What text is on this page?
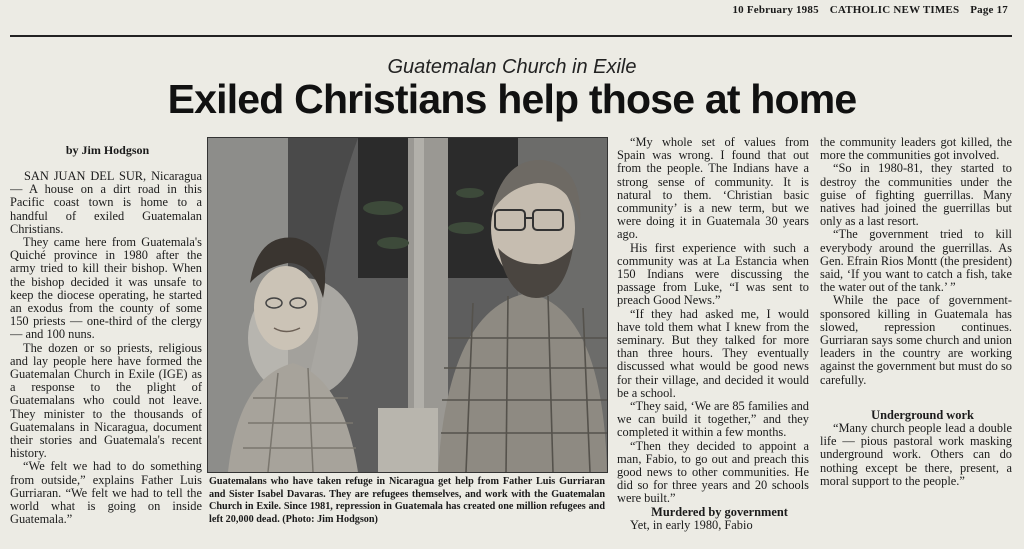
10 February 1985 CATHOLIC NEW TIMES Page 17
Guatemalan Church in Exile
Exiled Christians help those at home
by Jim Hodgson

SAN JUAN DEL SUR, Nicaragua — A house on a dirt road in this Pacific coast town is home to a handful of exiled Guatemalan Christians.

They came here from Guatemala's Quiché province in 1980 after the army tried to kill their bishop. When the bishop decided it was unsafe to keep the diocese operating, he started an exodus from the county of some 150 priests — one-third of the clergy — and 100 nuns.

The dozen or so priests, religious and lay people here have formed the Guatemalan Church in Exile (IGE) as a response to the plight of Guatemalans who could not leave. They minister to the thousands of Guatemalans in Nicaragua, document their stories and Guatemala's recent history.

“We felt we had to do something from outside,” explains Father Luis Gurriaran. “We felt we had to tell the world what is going on inside Guatemala.”

Guatemalans who have taken refuge in Nicaragua get help from Father Luis Gurriaran and Sister Isabel Davaras. They are refugees themselves, and work with the Guatemalan Church in Exile. Since 1981, repression in Guatemala has created one million refugees and left 20,000 dead. (Photo: Jim Hodgson)

“My whole set of values from Spain was wrong. I found that out from the people. The Indians have a strong sense of community. It is natural to them. ‘Christian basic community’ is a new term, but we were doing it in Guatemala 30 years ago.

His first experience with such a community was at La Estancia when 150 Indians were discussing the passage from Luke, “I was sent to preach Good News.”

“If they had asked me, I would have told them what I knew from the seminary. But they talked for more than three hours. They eventually discussed what would be good news for their village, and decided it would be a school.

“They said, ‘We are 85 families and we can build it together,” and they completed it within a few months.

“Then they decided to appoint a man, Fabio, to go out and preach this good news to other communities. He did so for three years and 20 schools were built.”

Murdered by government

Yet, in early 1980, Fabio

the community leaders got killed, the more the communities got involved.

“So in 1980-81, they started to destroy the communities under the guise of fighting guerrillas. Many natives had joined the guerrillas but only as a last resort.

“The government tried to kill everybody around the guerrillas. As Gen. Efrain Rios Montt (the president) said, ‘If you want to catch a fish, take the water out of the tank.’ ”

While the pace of government-sponsored killing in Guatemala has slowed, repression continues. Gurriaran says some church and union leaders in the country are working against the government but must do so carefully.

Underground work

“Many church people lead a double life — pious pastoral work masking underground work. Others can do nothing except be there, present, a moral support to the people.”
